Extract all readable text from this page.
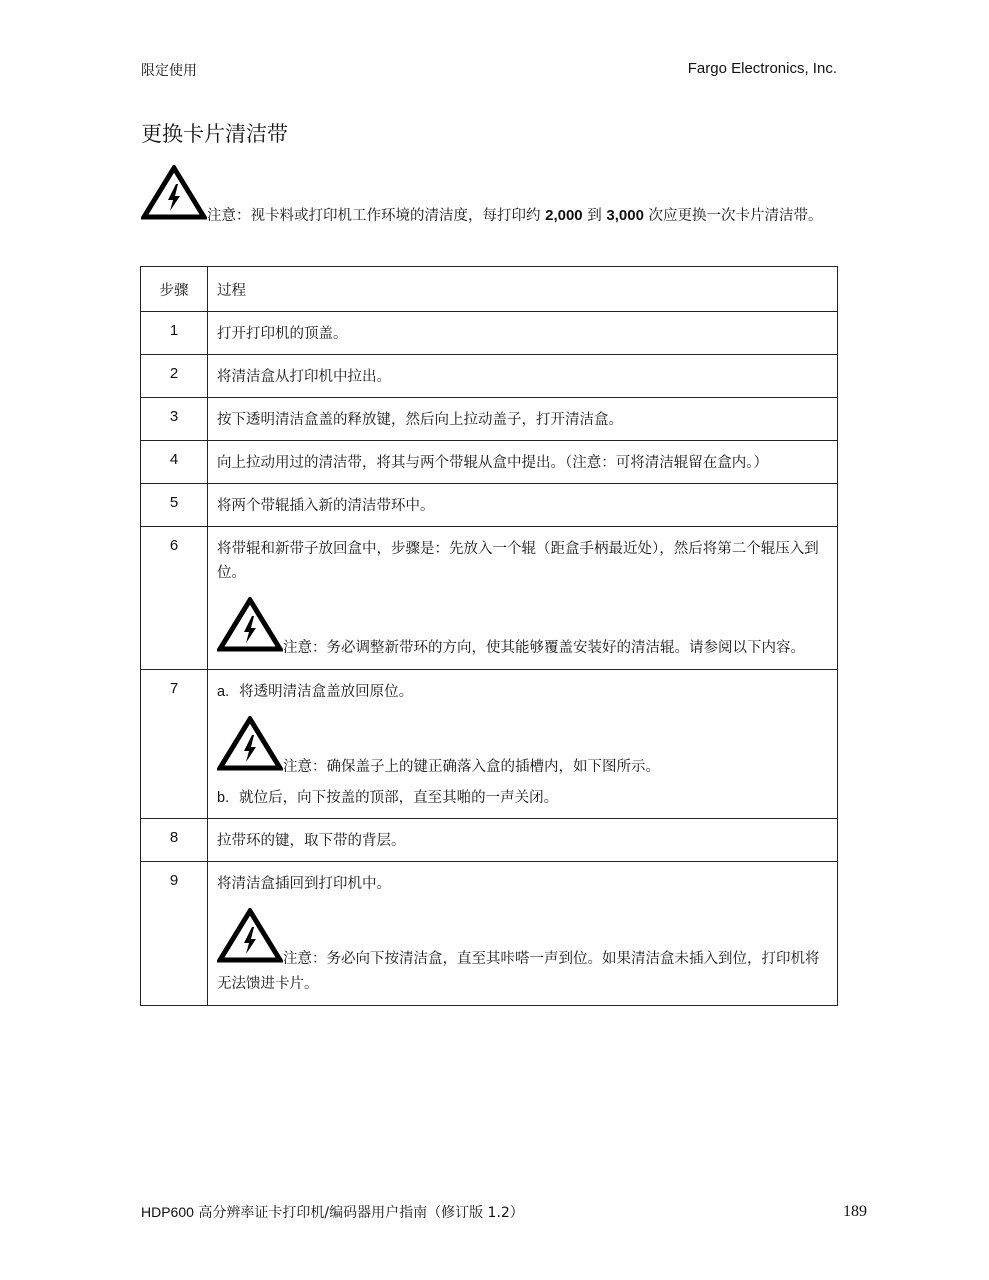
限定使用	Fargo Electronics, Inc.
更换卡片清洁带
注意：视卡料或打印机工作环境的清洁度，每打印约 2,000 到 3,000 次应更换一次卡片清洁带。
步骤	过程
1	打开打印机的顶盖。
2	将清洁盒从打印机中拉出。
3	按下透明清洁盒盖的释放键，然后向上拉动盖子，打开清洁盒。
4	向上拉动用过的清洁带，将其与两个带辊从盒中提出。（注意：可将清洁辊留在盒内。）
5	将两个带辊插入新的清洁带环中。
6	将带辊和新带子放回盒中，步骤是：先放入一个辊（距盒手柄最近处），然后将第二个辊压入到位。
注意：务必调整新带环的方向，使其能够覆盖安装好的清洁辊。请参阅以下内容。

7	a. 将透明清洁盒盖放回原位。
注意：确保盖子上的键正确落入盒的插槽内，如下图所示。
b. 就位后，向下按盖的顶部，直至其啪的一声关闭。

8	拉带环的键，取下带的背层。
9	将清洁盒插回到打印机中。
注意：务必向下按清洁盒，直至其咔嗒一声到位。如果清洁盒未插入到位，打印机将无法馈进卡片。
HDP600 高分辨率证卡打印机/编码器用户指南（修订版 1.2）	189
